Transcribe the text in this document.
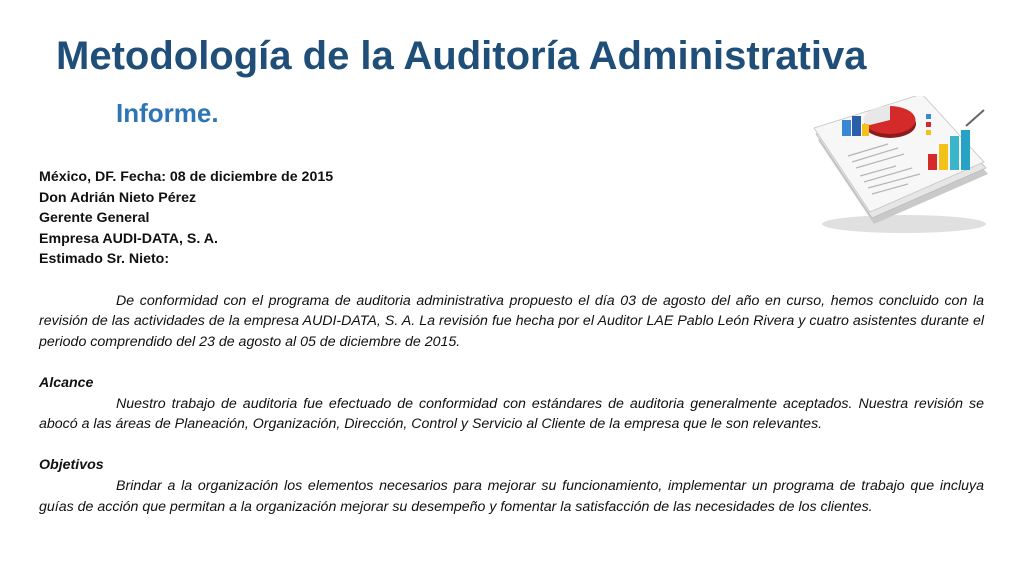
Metodología de la Auditoría Administrativa
Informe.
México, DF. Fecha: 08 de diciembre de 2015
Don Adrián Nieto Pérez
Gerente General
Empresa AUDI-DATA, S. A.
Estimado Sr. Nieto:
De conformidad con el programa de auditoria administrativa propuesto el día 03 de agosto del año en curso, hemos concluido con la revisión de las actividades de la empresa AUDI-DATA, S. A. La revisión fue hecha por el Auditor LAE Pablo León Rivera y cuatro asistentes durante el periodo comprendido del 23 de agosto al 05 de diciembre de 2015.
Alcance
Nuestro trabajo de auditoria fue efectuado de conformidad con estándares de auditoria generalmente aceptados. Nuestra revisión se abocó a las áreas de Planeación, Organización, Dirección, Control y Servicio al Cliente de la empresa que le son relevantes.
Objetivos
Brindar a la organización los elementos necesarios para mejorar su funcionamiento, implementar un programa de trabajo que incluya guías de acción que permitan a la organización mejorar su desempeño y fomentar la satisfacción de las necesidades de los clientes.
